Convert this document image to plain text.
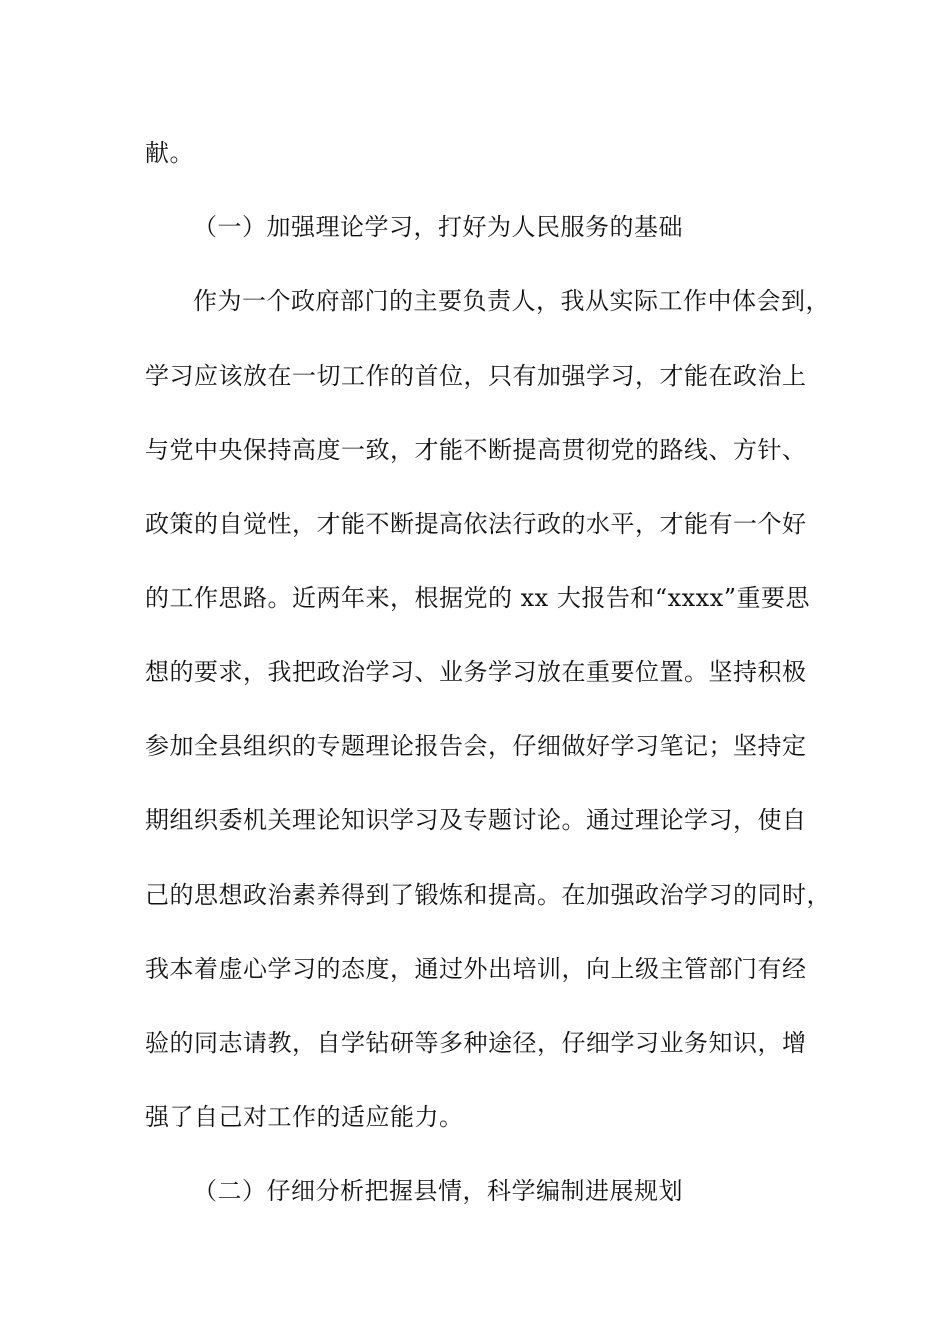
献。
（一）加强理论学习，打好为人民服务的基础
作为一个政府部门的主要负责人，我从实际工作中体会到，
学习应该放在一切工作的首位，只有加强学习，才能在政治上
与党中央保持高度一致，才能不断提高贯彻党的路线、方针、
政策的自觉性，才能不断提高依法行政的水平，才能有一个好
的工作思路。近两年来，根据党的 xx 大报告和“xxxx”重要思
想的要求，我把政治学习、业务学习放在重要位置。坚持积极
参加全县组织的专题理论报告会，仔细做好学习笔记；坚持定
期组织委机关理论知识学习及专题讨论。通过理论学习，使自
己的思想政治素养得到了锻炼和提高。在加强政治学习的同时，
我本着虚心学习的态度，通过外出培训，向上级主管部门有经
验的同志请教，自学钻研等多种途径，仔细学习业务知识，增
强了自己对工作的适应能力。
（二）仔细分析把握县情，科学编制进展规划
